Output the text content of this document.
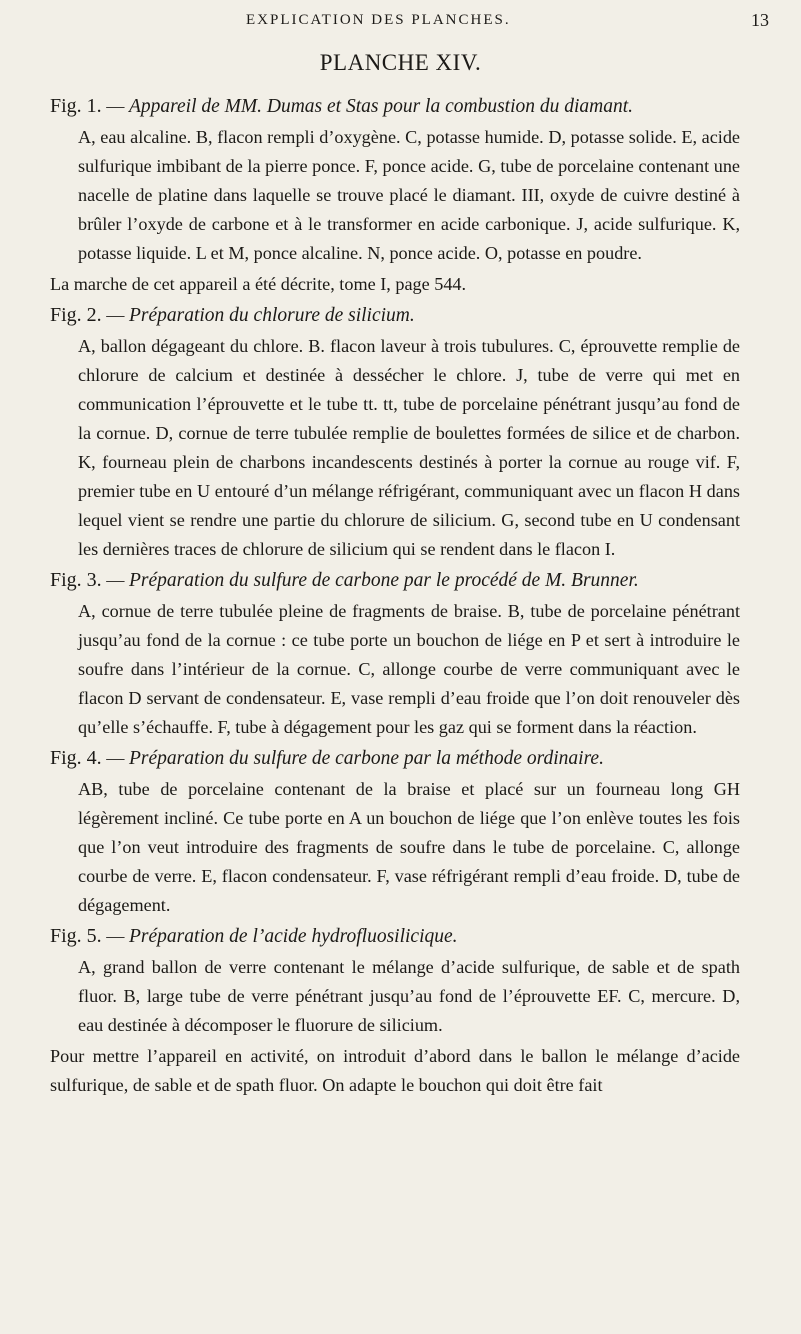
EXPLICATION DES PLANCHES.	13
PLANCHE XIV.

Fig. 1. — Appareil de MM. Dumas et Stas pour la combustion du diamant.

A, eau alcaline. B, flacon rempli d’oxygène. C, potasse humide. D, potasse solide. E, acide sulfurique imbibant de la pierre ponce. F, ponce acide. G, tube de porcelaine contenant une nacelle de platine dans laquelle se trouve placé le diamant. III, oxyde de cuivre destiné à brûler l’oxyde de carbone et à le transformer en acide carbonique. J, acide sulfurique. K, potasse liquide. L et M, ponce alcaline. N, ponce acide. O, potasse en poudre.

La marche de cet appareil a été décrite, tome I, page 544.

Fig. 2. — Préparation du chlorure de silicium.

A, ballon dégageant du chlore. B. flacon laveur à trois tubulures. C, éprouvette remplie de chlorure de calcium et destinée à dessécher le chlore. J, tube de verre qui met en communication l’éprouvette et le tube tt. tt, tube de porcelaine pénétrant jusqu’au fond de la cornue. D, cornue de terre tubulée remplie de boulettes formées de silice et de charbon. K, fourneau plein de charbons incandescents destinés à porter la cornue au rouge vif. F, premier tube en U entouré d’un mélange réfrigérant, communiquant avec un flacon H dans lequel vient se rendre une partie du chlorure de silicium. G, second tube en U condensant les dernières traces de chlorure de silicium qui se rendent dans le flacon I.

Fig. 3. — Préparation du sulfure de carbone par le procédé de M. Brunner.

A, cornue de terre tubulée pleine de fragments de braise. B, tube de porcelaine pénétrant jusqu’au fond de la cornue : ce tube porte un bouchon de liége en P et sert à introduire le soufre dans l’intérieur de la cornue. C, allonge courbe de verre communiquant avec le flacon D servant de condensateur. E, vase rempli d’eau froide que l’on doit renouveler dès qu’elle s’échauffe. F, tube à dégagement pour les gaz qui se forment dans la réaction.

Fig. 4. — Préparation du sulfure de carbone par la méthode ordinaire.

AB, tube de porcelaine contenant de la braise et placé sur un fourneau long GH légèrement incliné. Ce tube porte en A un bouchon de liége que l’on enlève toutes les fois que l’on veut introduire des fragments de soufre dans le tube de porcelaine. C, allonge courbe de verre. E, flacon condensateur. F, vase réfrigérant rempli d’eau froide. D, tube de dégagement.

Fig. 5. — Préparation de l’acide hydrofluosilicique.

A, grand ballon de verre contenant le mélange d’acide sulfurique, de sable et de spath fluor. B, large tube de verre pénétrant jusqu’au fond de l’éprouvette EF. C, mercure. D, eau destinée à décomposer le fluorure de silicium.

Pour mettre l’appareil en activité, on introduit d’abord dans le ballon le mélange d’acide sulfurique, de sable et de spath fluor. On adapte le bouchon qui doit être fait
